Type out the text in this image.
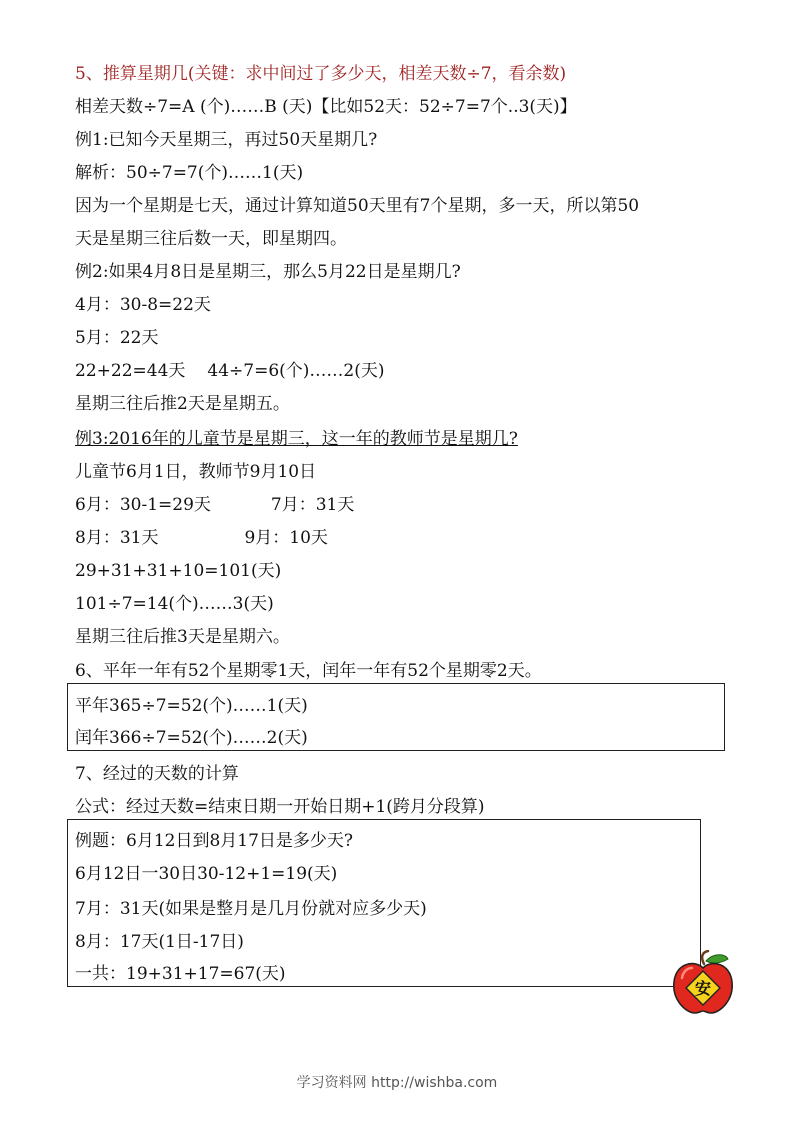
5、推算星期几(关键：求中间过了多少天，相差天数÷7，看余数)
相差天数÷7=A (个)……B (天)【比如52天：52÷7=7个..3(天)】
例1:已知今天星期三，再过50天星期几?
解析：50÷7=7(个)……1(天)
因为一个星期是七天，通过计算知道50天里有7个星期，多一天，所以第50
天是星期三往后数一天，即星期四。
例2:如果4月8日是星期三，那么5月22日是星期几?
4月：30-8=22天
5月：22天
22+22=44天 44÷7=6(个)……2(天)
星期三往后推2天是星期五。
例3:2016年的儿童节是星期三，这一年的教师节是星期几?
儿童节6月1日，教师节9月10日
6月：30-1=29天	7月：31天
8月：31天	9月：10天
29+31+31+10=101(天)
101÷7=14(个)……3(天)
星期三往后推3天是星期六。
6、平年一年有52个星期零1天，闰年一年有52个星期零2天。
平年365÷7=52(个)……1(天)
闰年366÷7=52(个)……2(天)
7、经过的天数的计算
公式：经过天数=结束日期一开始日期+1(跨月分段算)
例题：6月12日到8月17日是多少天?
6月12日一30日30-12+1=19(天)
7月：31天(如果是整月是几月份就对应多少天)
8月：17天(1日-17日)
一共：19+31+17=67(天)
安
学习资料网 http://wishba.com
